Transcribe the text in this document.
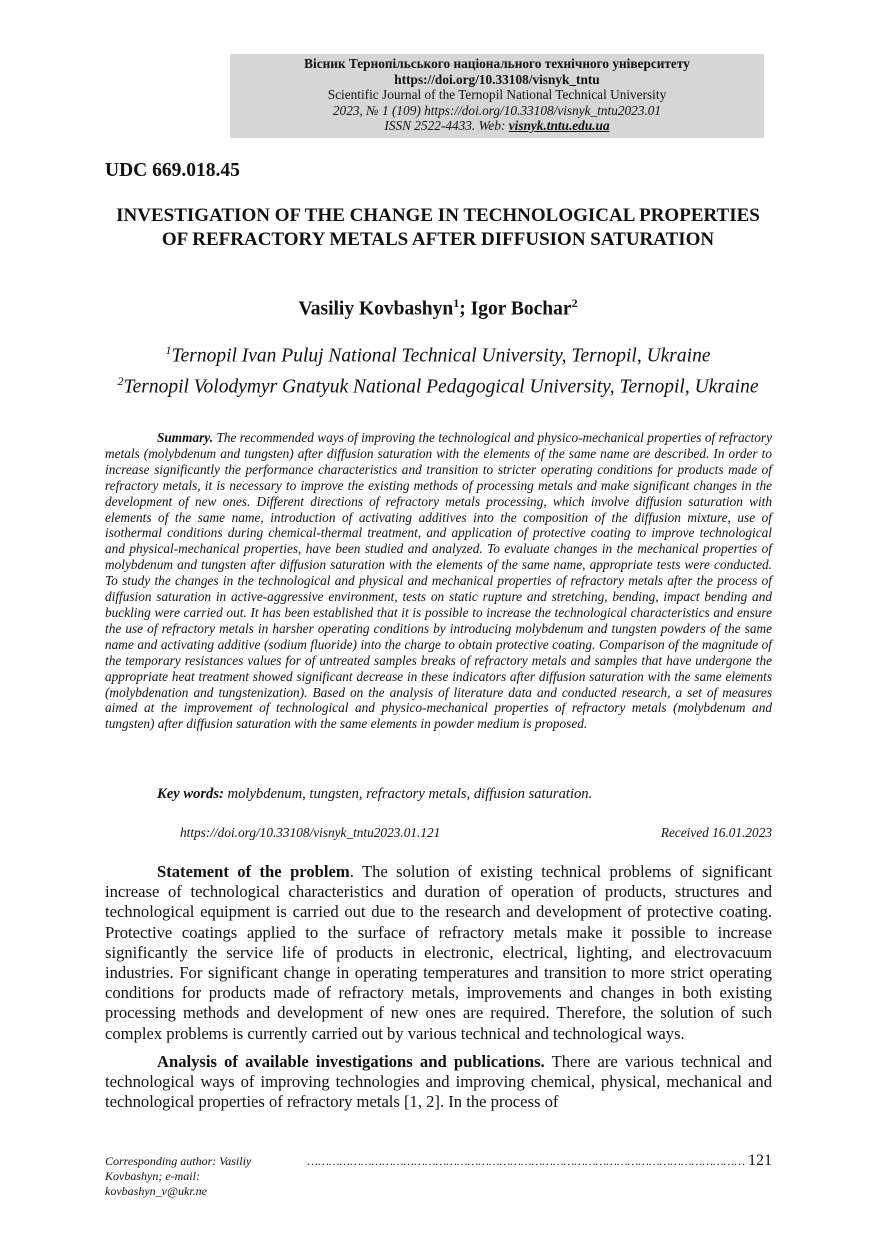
Вісник Тернопільського національного технічного університету
https://doi.org/10.33108/visnyk_tntu
Scientific Journal of the Ternopil National Technical University
2023, № 1 (109) https://doi.org/10.33108/visnyk_tntu2023.01
ISSN 2522-4433. Web: visnyk.tntu.edu.ua
UDC 669.018.45
INVESTIGATION OF THE CHANGE IN TECHNOLOGICAL PROPERTIES OF REFRACTORY METALS AFTER DIFFUSION SATURATION
Vasiliy Kovbashyn$^1$; Igor Bochar$^2$
$^1$Ternopil Ivan Puluj National Technical University, Ternopil, Ukraine
$^2$Ternopil Volodymyr Gnatyuk National Pedagogical University, Ternopil, Ukraine
Summary. The recommended ways of improving the technological and physico-mechanical properties of refractory metals (molybdenum and tungsten) after diffusion saturation with the elements of the same name are described. In order to increase significantly the performance characteristics and transition to stricter operating conditions for products made of refractory metals, it is necessary to improve the existing methods of processing metals and make significant changes in the development of new ones. Different directions of refractory metals processing, which involve diffusion saturation with elements of the same name, introduction of activating additives into the composition of the diffusion mixture, use of isothermal conditions during chemical-thermal treatment, and application of protective coating to improve technological and physical-mechanical properties, have been studied and analyzed. To evaluate changes in the mechanical properties of molybdenum and tungsten after diffusion saturation with the elements of the same name, appropriate tests were conducted. To study the changes in the technological and physical and mechanical properties of refractory metals after the process of diffusion saturation in active-aggressive environment, tests on static rupture and stretching, bending, impact bending and buckling were carried out. It has been established that it is possible to increase the technological characteristics and ensure the use of refractory metals in harsher operating conditions by introducing molybdenum and tungsten powders of the same name and activating additive (sodium fluoride) into the charge to obtain protective coating. Comparison of the magnitude of the temporary resistances values for of untreated samples breaks of refractory metals and samples that have undergone the appropriate heat treatment showed significant decrease in these indicators after diffusion saturation with the same elements (molybdenation and tungstenization). Based on the analysis of literature data and conducted research, a set of measures aimed at the improvement of technological and physico-mechanical properties of refractory metals (molybdenum and tungsten) after diffusion saturation with the same elements in powder medium is proposed.
Key words: molybdenum, tungsten, refractory metals, diffusion saturation.
https://doi.org/10.33108/visnyk_tntu2023.01.121	Received 16.01.2023

Statement of the problem. The solution of existing technical problems of significant increase of technological characteristics and duration of operation of products, structures and technological equipment is carried out due to the research and development of protective coating. Protective coatings applied to the surface of refractory metals make it possible to increase significantly the service life of products in electronic, electrical, lighting, and electrovacuum industries. For significant change in operating temperatures and transition to more strict operating conditions for products made of refractory metals, improvements and changes in both existing processing methods and development of new ones are required. Therefore, the solution of such complex problems is currently carried out by various technical and technological ways.

Analysis of available investigations and publications. There are various technical and technological ways of improving technologies and improving chemical, physical, mechanical and technological properties of refractory metals [1, 2]. In the process of

Corresponding author: Vasiliy Kovbashyn; e-mail: kovbashyn_v@ukr.ne
…………………………………………………………………………………………………………… 121
